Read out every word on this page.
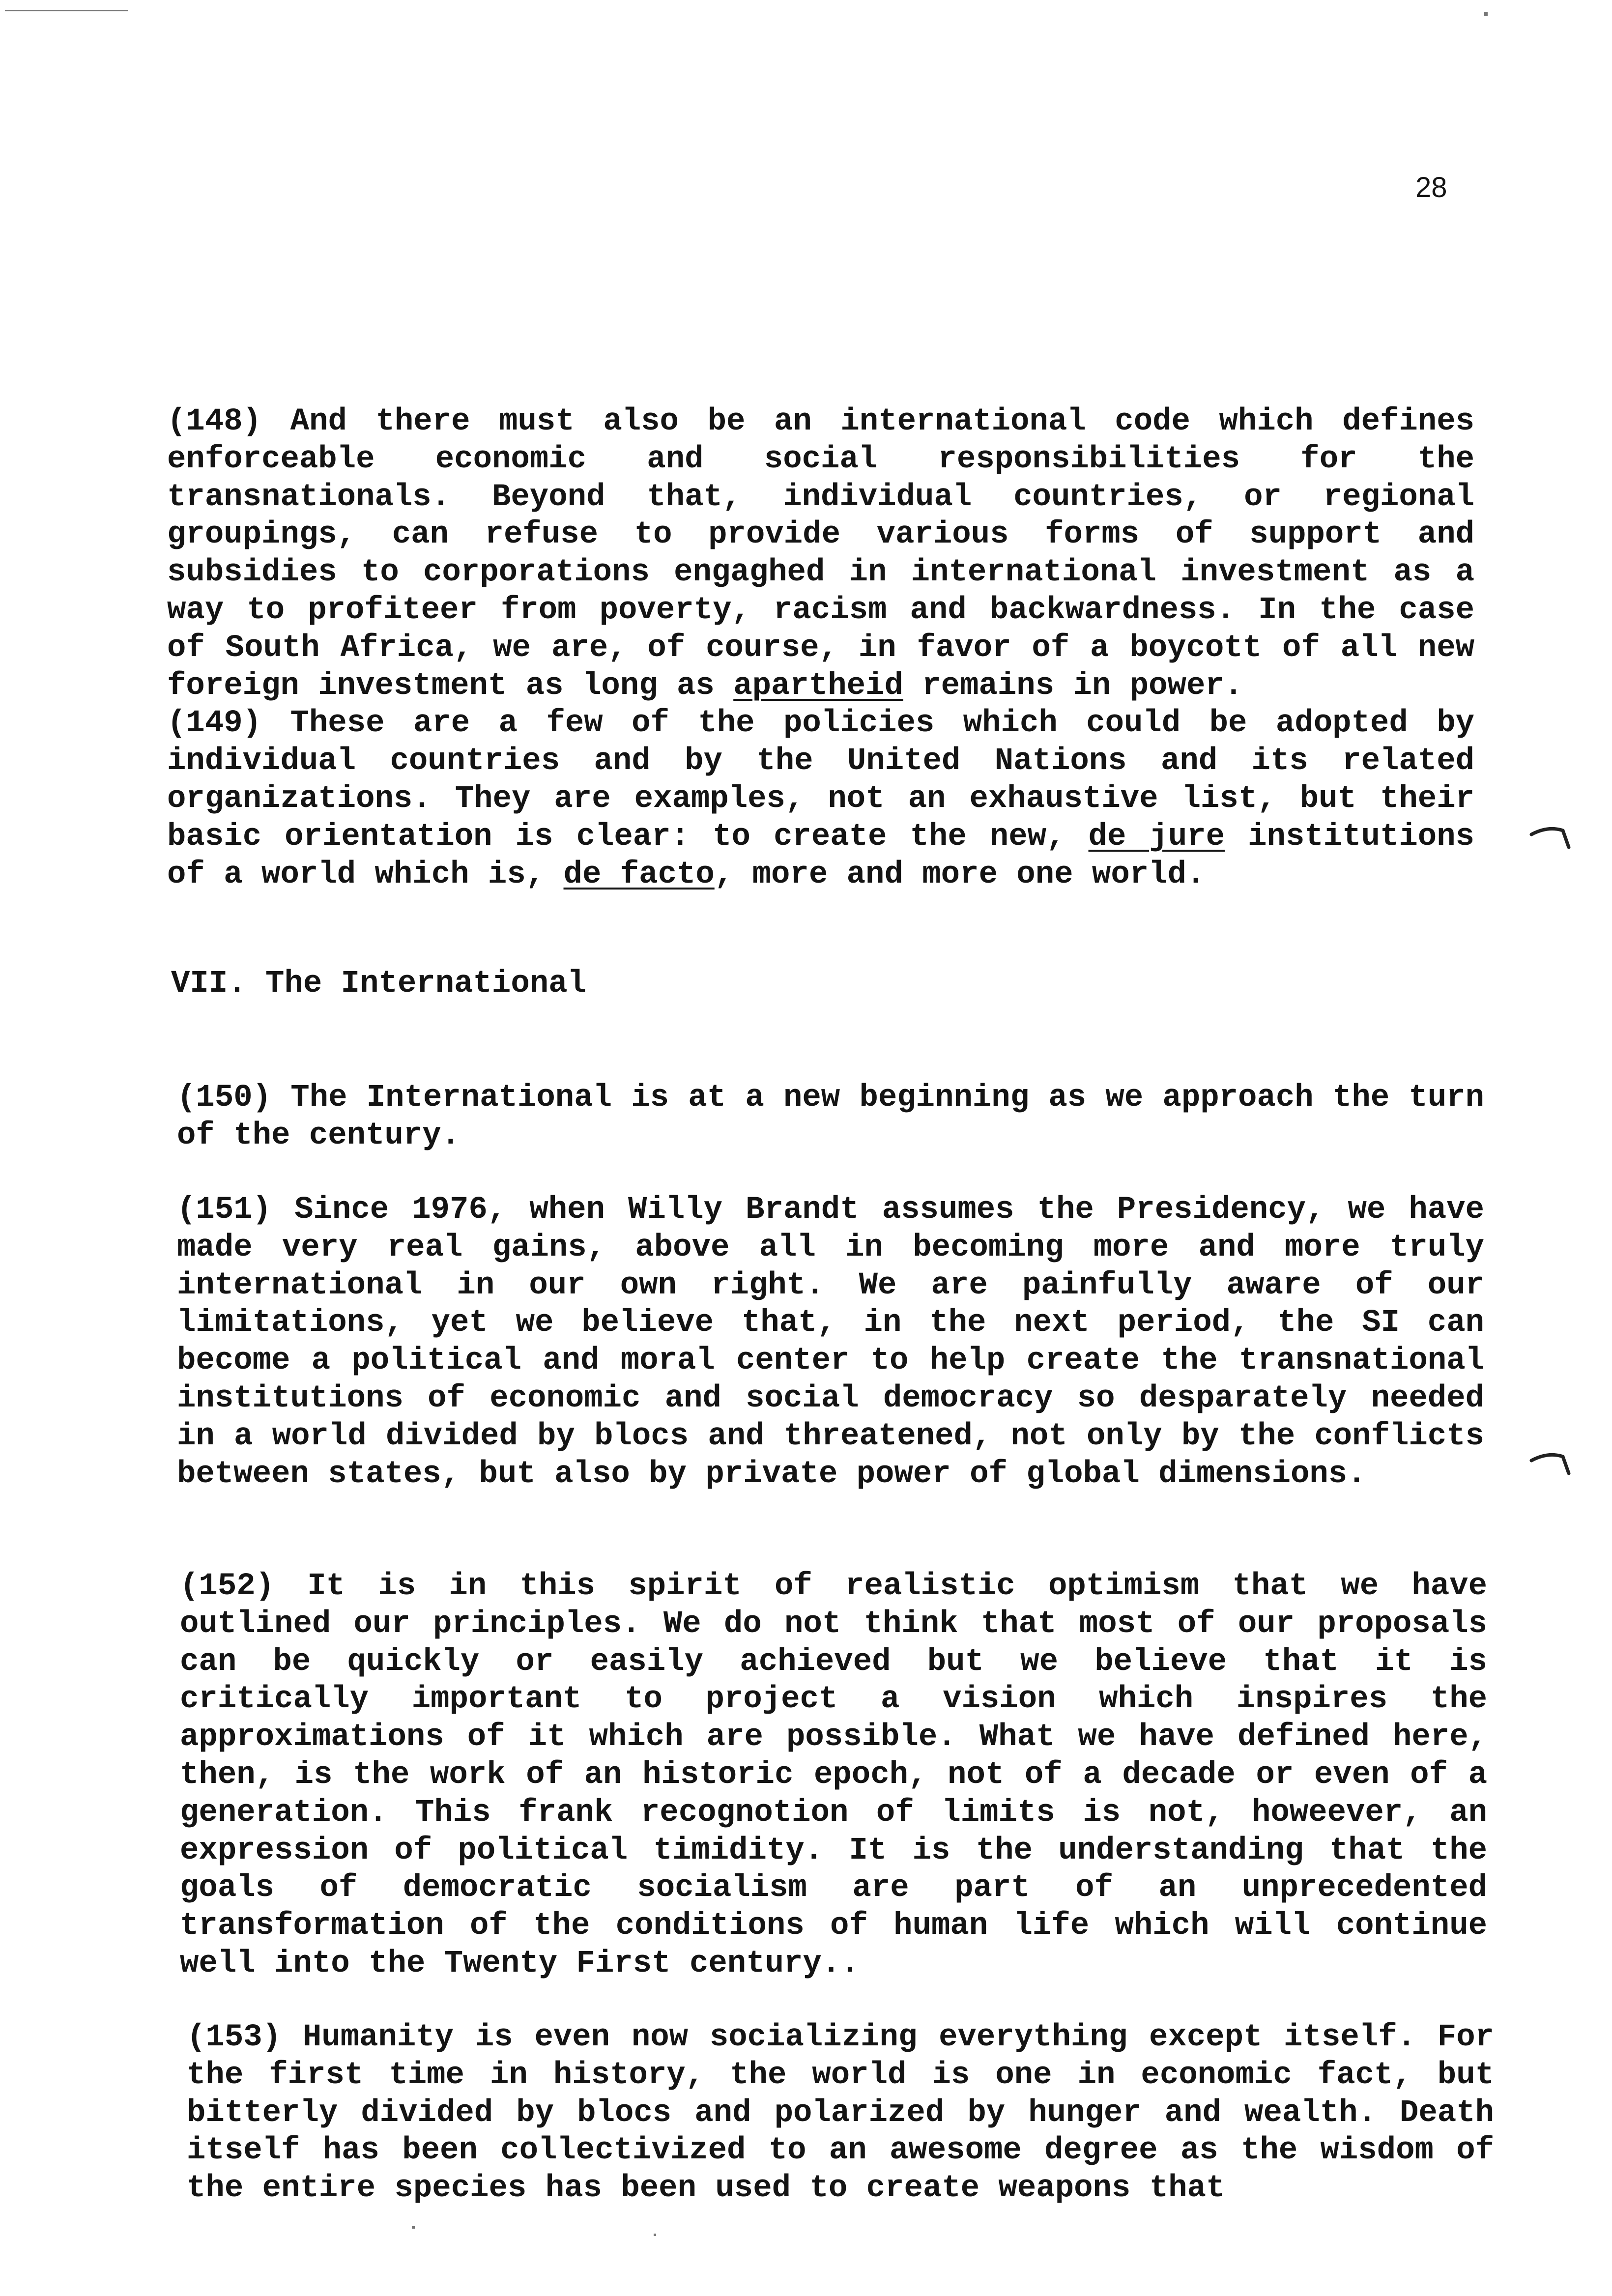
28

(148) And there must also be an international code which defines enforceable economic and social responsibilities for the transnationals. Beyond that, individual countries, or regional groupings, can refuse to provide various forms of support and subsidies to corporations engaghed in international investment as a way to profiteer from poverty, racism and backwardness. In the case of South Africa, we are, of course, in favor of a boycott of all new foreign investment as long as apartheid remains in power.

(149) These are a few of the policies which could be adopted by individual countries and by the United Nations and its related organizations. They are examples, not an exhaustive list, but their basic orientation is clear: to create the new, de jure institutions of a world which is, de facto, more and more one world.

VII. The International

(150) The International is at a new beginning as we approach the turn of the century.

(151) Since 1976, when Willy Brandt assumes the Presidency, we have made very real gains, above all in becoming more and more truly international in our own right. We are painfully aware of our limitations, yet we believe that, in the next period, the SI can become a political and moral center to help create the transnational institutions of economic and social democracy so desparately needed in a world divided by blocs and threatened, not only by the conflicts between states, but also by private power of global dimensions.

(152) It is in this spirit of realistic optimism that we have outlined our principles. We do not think that most of our proposals can be quickly or easily achieved but we believe that it is critically important to project a vision which inspires the approximations of it which are possible. What we have defined here, then, is the work of an historic epoch, not of a decade or even of a generation. This frank recognotion of limits is not, howeever, an expression of political timidity. It is the understanding that the goals of democratic socialism are part of an unprecedented transformation of the conditions of human life which will continue well into the Twenty First century..

(153) Humanity is even now socializing everything except itself. For the first time in history, the world is one in economic fact, but bitterly divided by blocs and polarized by hunger and wealth. Death itself has been collectivized to an awesome degree as the wisdom of the entire species has been used to create weapons that
